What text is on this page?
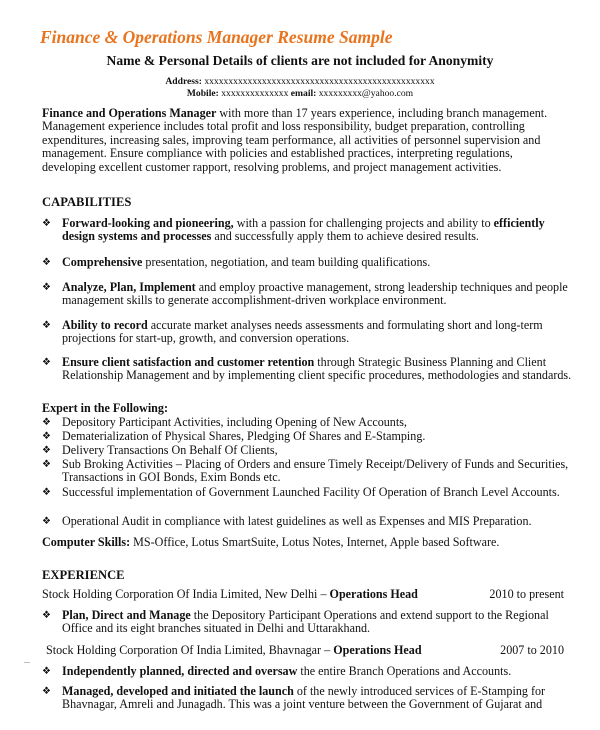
Finance & Operations Manager Resume Sample
Name & Personal Details of clients are not included for Anonymity
Address: xxxxxxxxxxxxxxxxxxxxxxxxxxxxxxxxxxxxxxxxxxxxxxxx
Mobile: xxxxxxxxxxxxxx email: xxxxxxxxx@yahoo.com
Finance and Operations Manager with more than 17 years experience, including branch management. Management experience includes total profit and loss responsibility, budget preparation, controlling expenditures, increasing sales, improving team performance, all activities of personnel supervision and management. Ensure compliance with policies and established practices, interpreting regulations, developing excellent customer rapport, resolving problems, and project management activities.
CAPABILITIES
❖ Forward-looking and pioneering, with a passion for challenging projects and ability to efficiently design systems and processes and successfully apply them to achieve desired results.
❖ Comprehensive presentation, negotiation, and team building qualifications.
❖ Analyze, Plan, Implement and employ proactive management, strong leadership techniques and people management skills to generate accomplishment-driven workplace environment.
❖ Ability to record accurate market analyses needs assessments and formulating short and long-term projections for start-up, growth, and conversion operations.
❖ Ensure client satisfaction and customer retention through Strategic Business Planning and Client Relationship Management and by implementing client specific procedures, methodologies and standards.
Expert in the Following:
❖ Depository Participant Activities, including Opening of New Accounts,
❖ Dematerialization of Physical Shares, Pledging Of Shares and E-Stamping.
❖ Delivery Transactions On Behalf Of Clients,
❖ Sub Broking Activities – Placing of Orders and ensure Timely Receipt/Delivery of Funds and Securities, Transactions in GOI Bonds, Exim Bonds etc.
❖ Successful implementation of Government Launched Facility Of Operation of Branch Level Accounts.
❖ Operational Audit in compliance with latest guidelines as well as Expenses and MIS Preparation.
Computer Skills: MS-Office, Lotus SmartSuite, Lotus Notes, Internet, Apple based Software.
EXPERIENCE
Stock Holding Corporation Of India Limited, New Delhi – Operations Head	2010 to present
❖ Plan, Direct and Manage the Depository Participant Operations and extend support to the Regional Office and its eight branches situated in Delhi and Uttarakhand.
Stock Holding Corporation Of India Limited, Bhavnagar – Operations Head	2007 to 2010
❖ Independently planned, directed and oversaw the entire Branch Operations and Accounts.
❖ Managed, developed and initiated the launch of the newly introduced services of E-Stamping for Bhavnagar, Amreli and Junagadh. This was a joint venture between the Government of Gujarat and
